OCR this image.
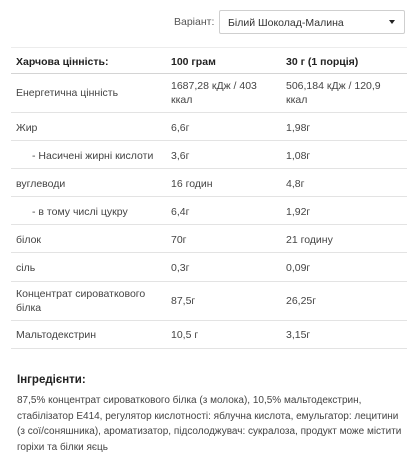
Варіант: Білий Шоколад-Малина
Харчова цінність:	100 грам	30 г (1 порція)
Енергетична цінність	1687,28 кДж / 403 ккал	506,184 кДж / 120,9 ккал
Жир	6,6г	1,98г
- Насичені жирні кислоти	3,6г	1,08г
вуглеводи	16 годин	4,8г
- в тому числі цукру	6,4г	1,92г
білок	70г	21 годину
сіль	0,3г	0,09г
Концентрат сироваткового білка	87,5г	26,25г
Мальтодекстрин	10,5 г	3,15г
Інгредієнти:
87,5% концентрат сироваткового білка (з молока), 10,5% мальтодекстрин, стабілізатор Е414, регулятор кислотності: яблучна кислота, емульгатор: лецитини (з сої/соняшника), ароматизатор, підсолоджувач: сукралоза, продукт може містити горіхи та білки яєць
